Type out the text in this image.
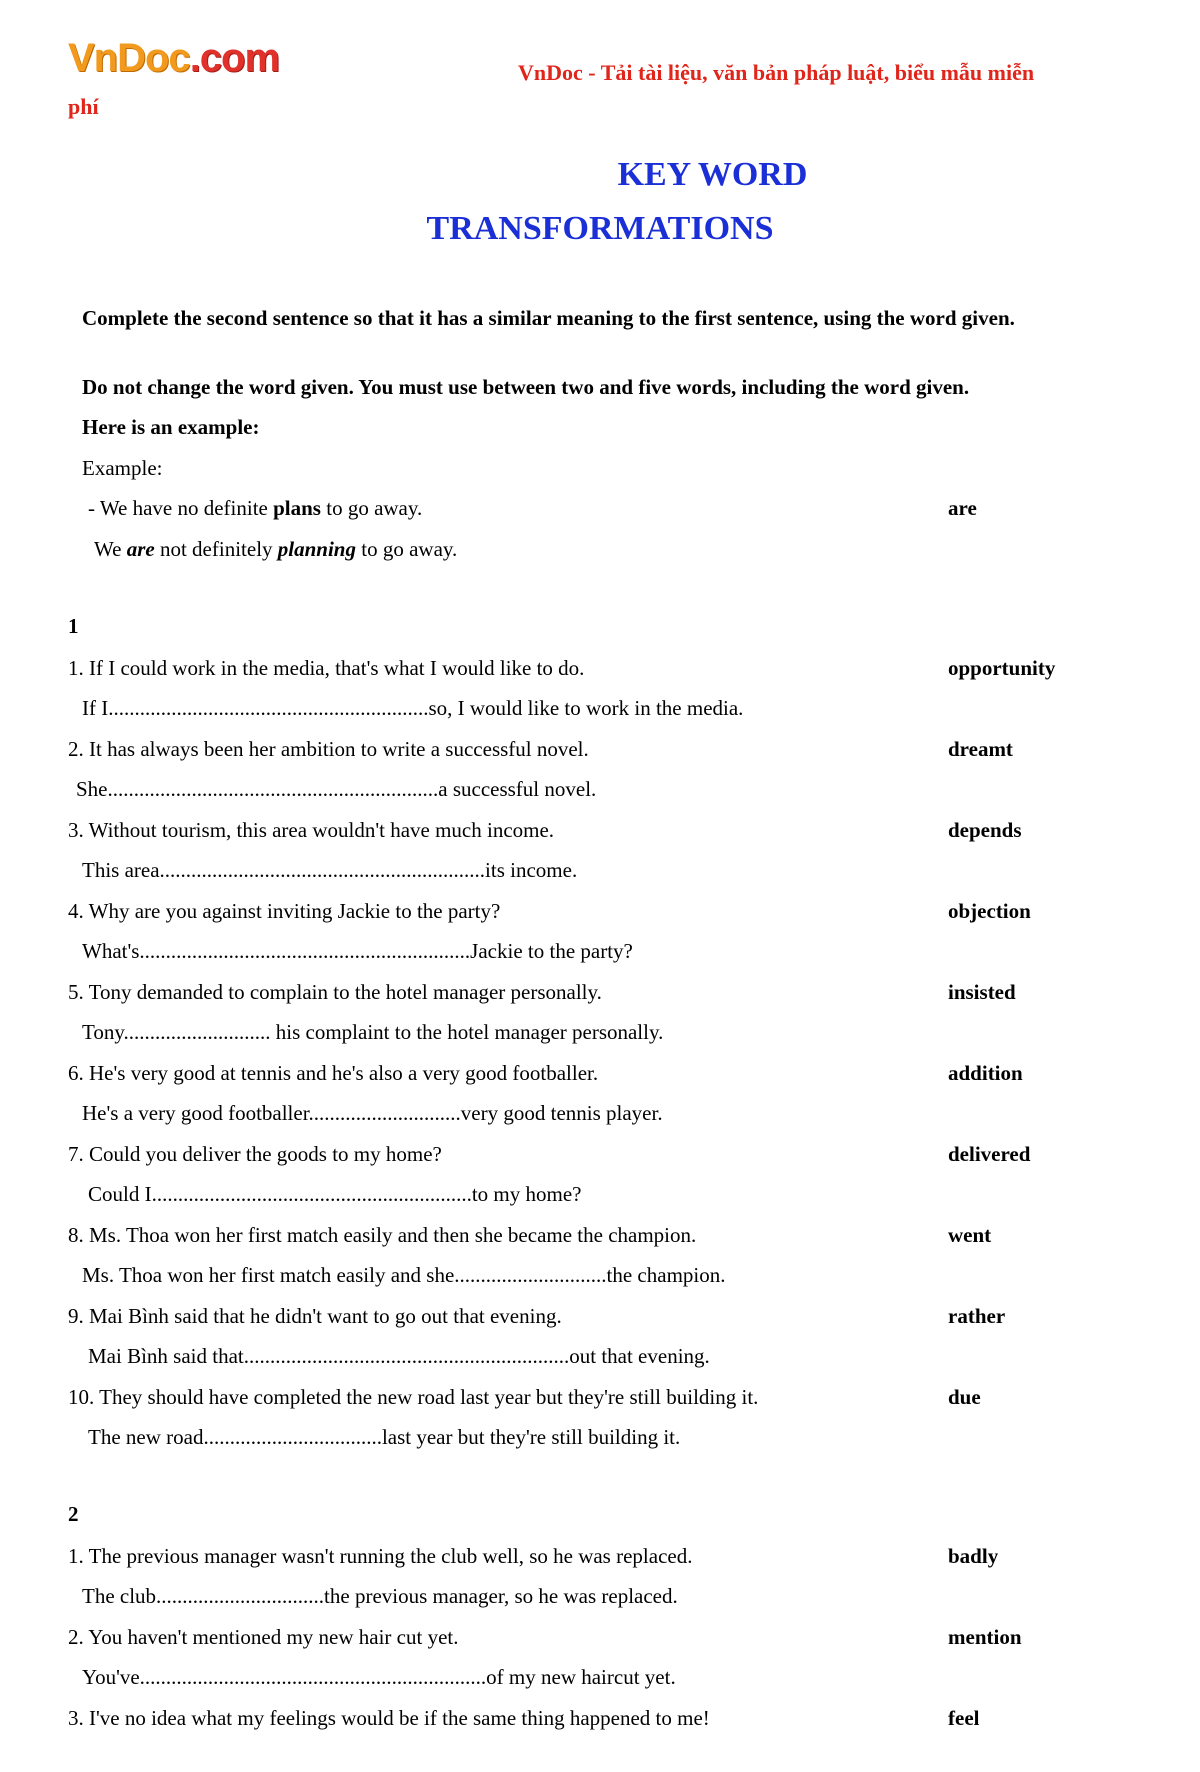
VnDoc.com	VnDoc - Tải tài liệu, văn bản pháp luật, biểu mẫu miễn
phí
KEY WORD
TRANSFORMATIONS
Complete the second sentence so that it has a similar meaning to the first sentence, using the word given.
Do not change the word given. You must use between two and five words, including the word given.
Here is an example:
Example:
- We have no definite plans to go away.	are
We are not definitely planning to go away.
1
1. If I could work in the media, that's what I would like to do.	opportunity
If I.............................................................so, I would like to work in the media.
2. It has always been her ambition to write a successful novel.	dreamt
She...............................................................a successful novel.
3. Without tourism, this area wouldn't have much income.	depends
This area..............................................................its income.
4. Why are you against inviting Jackie to the party?	objection
What's...............................................................Jackie to the party?
5. Tony demanded to complain to the hotel manager personally.	insisted
Tony............................ his complaint to the hotel manager personally.
6. He's very good at tennis and he's also a very good footballer.	addition
He's a very good footballer.............................very good tennis player.
7. Could you deliver the goods to my home?	delivered
Could I.............................................................to my home?
8. Ms. Thoa won her first match easily and then she became the champion.	went
Ms. Thoa won her first match easily and she.............................the champion.
9. Mai Bình said that he didn't want to go out that evening.	rather
Mai Bình said that..............................................................out that evening.
10. They should have completed the new road last year but they're still building it.	due
The new road..................................last year but they're still building it.
2
1. The previous manager wasn't running the club well, so he was replaced.	badly
The club................................the previous manager, so he was replaced.
2. You haven't mentioned my new hair cut yet.	mention
You've..................................................................of my new haircut yet.
3. I've no idea what my feelings would be if the same thing happened to me!	feel
